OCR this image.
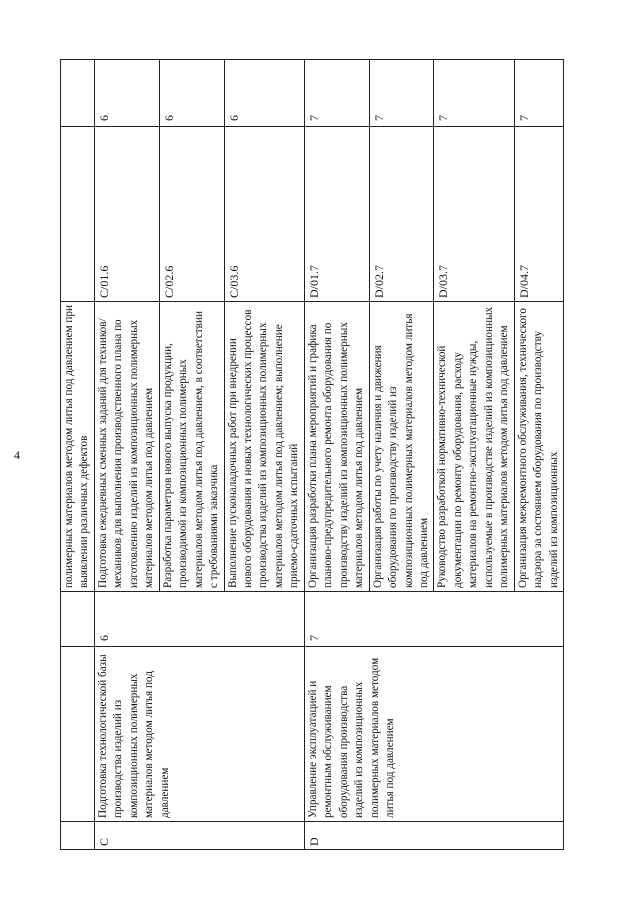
4
				полимерных материалов методом литья под давлением при выявлении различных дефектов		
C	Подготовка технологической базы производства изделий из композиционных полимерных материалов методом литья под давлением	6	Подготовка ежедневных сменных заданий для техников/механиков для выполнения производственного плана по изготовлению изделий из композиционных полимерных материалов методом литья под давлением	C/01.6	6
			Разработка параметров нового выпуска продукции, производимой из композиционных полимерных материалов методом литья под давлением, в соответствии с требованиями заказчика	C/02.6	6
			Выполнение пусконаладочных работ при внедрении нового оборудования и новых технологических процессов производства изделий из композиционных полимерных материалов методом литья под давлением; выполнение приемо-сдаточных испытаний	C/03.6	6
D	Управление эксплуатацией и ремонтным обслуживанием оборудования производства изделий из композиционных полимерных материалов методом литья под давлением	7	Организация разработки плана мероприятий и графика планово-предупредительного ремонта оборудования по производству изделий из композиционных полимерных материалов методом литья под давлением	D/01.7	7
			Организация работы по учету наличия и движения оборудования по производству изделий из композиционных полимерных материалов методом литья под давлением	D/02.7	7
			Руководство разработкой нормативно-технической документации по ремонту оборудования, расходу материалов на ремонтно-эксплуатационные нужды, используемые в производстве изделий из композиционных полимерных материалов методом литья под давлением	D/03.7	7
			Организация межремонтного обслуживания, технического надзора за состоянием оборудования по производству изделий из композиционных	D/04.7	7
